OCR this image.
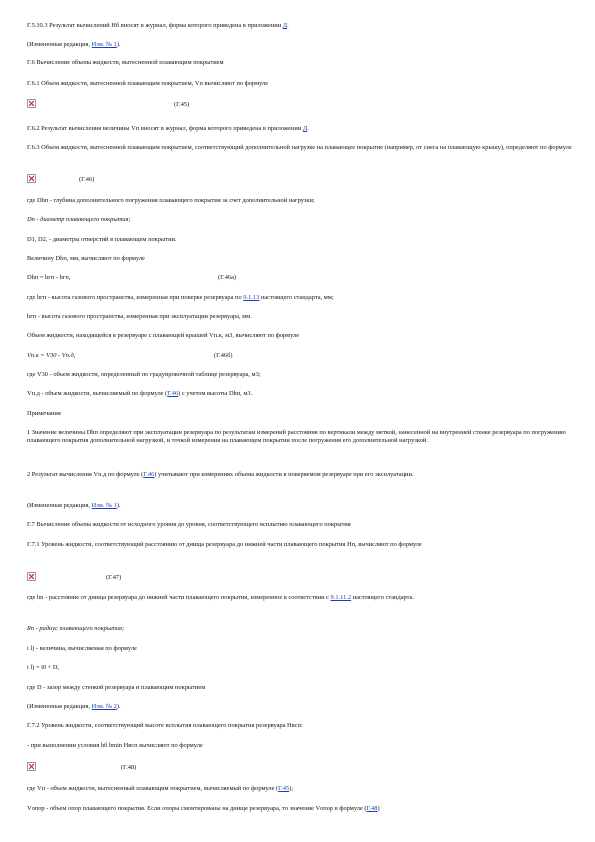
Г.5.10.3 Результат вычислений Нб вносят в журнал, форма которого приведена в приложении Д.
(Измененная редакция, Изм. № 1).
Г.6 Вычисление объема жидкости, вытесненной плавающим покрытием
Г.6.1 Объем жидкости, вытесненной плавающим покрытием, Vп вычисляют по формуле
(Г.45)
Г.6.2 Результат вычисления величины Vп вносят в журнал, форма которого приведена в приложении Д.
Г.6.3 Объем жидкости, вытесненной плавающим покрытием, соответствующий дополнительной нагрузке на плавающее покрытие (например, от снега на плавающую крышу), определяют по формуле
(Г.46)
где Dhп - глубина дополнительного погружения плавающего покрытия за счет дополнительной нагрузки;
Dп - диаметр плавающего покрытия;
D1, D2, - диаметры отверстий в плавающем покрытии.
Величину Dhп, мм, вычисляют по формуле
Dhп = hгп - hгп,	(Г.46а)
где hгп - высота газового пространства, измеренная при поверке резервуара по 9.1.13 настоящего стандарта, мм;
hгп - высота газового пространства, измеренная при эксплуатации резервуара, мм.
Объем жидкости, находящейся в резервуаре с плавающей крышей Vп.к, м3, вычисляют по формуле
Vп.к = V30 - Vп.д,	(Г.46б)
где V30 - объем жидкости, определенный по градуировочной таблице резервуара, м3;
Vп.д - объем жидкости, вычисляемый по формуле (Г.46) с учетом высоты Dhп, м3.
Примечания
1 Значение величины Dhп определяют при эксплуатации резервуара по результатам измерений расстояния по вертикали между меткой, нанесенной на внутренней стенке резервуара по погружению плавающего покрытия дополнительной нагрузкой, и точкой измерения на плавающем покрытии после погружения его дополнительной нагрузкой.
2 Результат вычисления Vп.д по формуле (Г.46) учитывают при измерениях объема жидкости в поверяемом резервуаре при его эксплуатации.
(Измененная редакция, Изм. № 1).
Г.7 Вычисление объема жидкости от исходного уровня до уровня, соответствующего всплытию плавающего покрытия
Г.7.1 Уровень жидкости, соответствующий расстоянию от днища резервуара до нижней части плавающего покрытия Нп, вычисляют по формуле
(Г.47)
где hп - расстояние от днища резервуара до нижней части плавающего покрытия, измеренное в соответствии с 9.1.11.2 настоящего стандарта.
Rп - радиус плавающего покрытия;
i l) - величина, вычисляемая по формуле
i l) = i0 + D,
где D - зазор между стенкой резервуара и плавающим покрытием
(Измененная редакция, Изм. № 2).
Г.7.2 Уровень жидкости, соответствующий высоте всплытия плавающего покрытия резервуара Hвсп:
- при выполнении условия hб hmin Hвсп вычисляют по формуле
(Г.48)
где Vп - объем жидкости, вытесненный плавающим покрытием, вычисляемый по формуле (Г.45);
Vопор - объем опор плавающего покрытия. Если опоры смонтированы на днище резервуара, то значение Vопор в формуле (Г.48)
